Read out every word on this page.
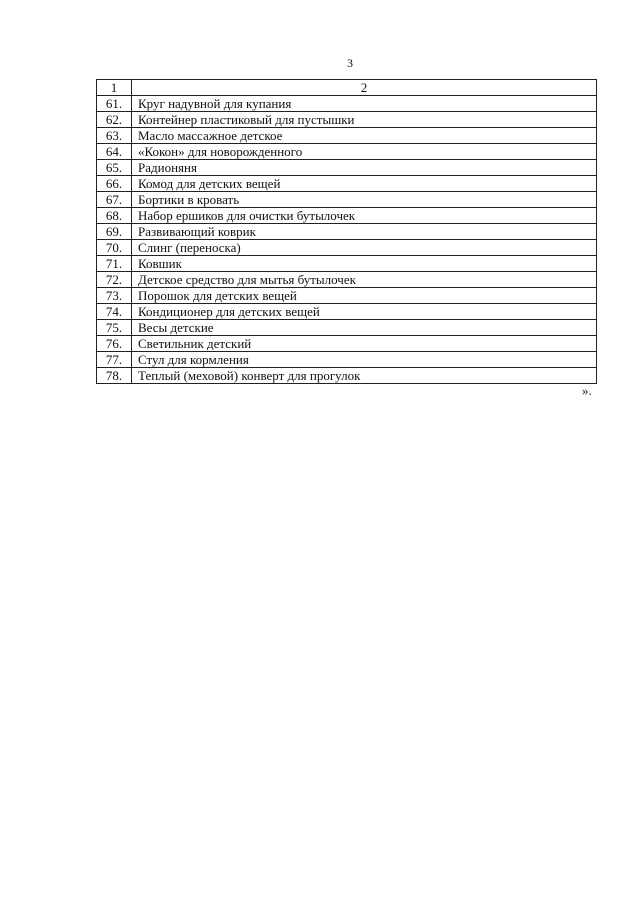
3
1	2
61.	Круг надувной для купания
62.	Контейнер пластиковый для пустышки
63.	Масло массажное детское
64.	«Кокон» для новорожденного
65.	Радионяня
66.	Комод для детских вещей
67.	Бортики в кровать
68.	Набор ершиков для очистки бутылочек
69.	Развивающий коврик
70.	Слинг (переноска)
71.	Ковшик
72.	Детское средство для мытья бутылочек
73.	Порошок для детских вещей
74.	Кондиционер для детских вещей
75.	Весы детские
76.	Светильник детский
77.	Стул для кормления
78.	Теплый (меховой) конверт для прогулок
».
